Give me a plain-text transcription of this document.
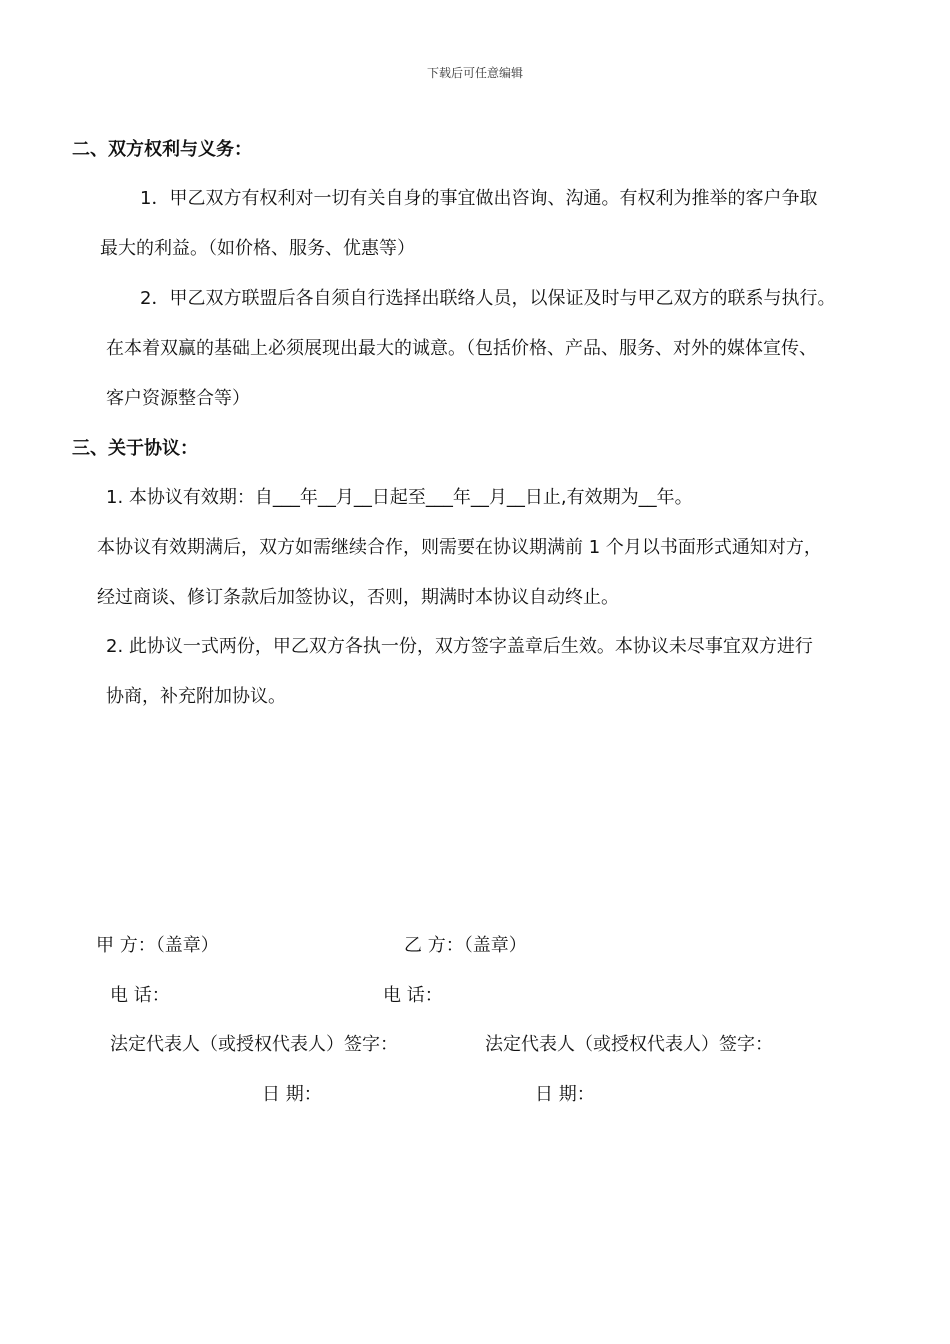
下载后可任意编辑
二、双方权利与义务：
1．甲乙双方有权利对一切有关自身的事宜做出咨询、沟通。有权利为推举的客户争取
最大的利益。（如价格、服务、优惠等）
2．甲乙双方联盟后各自须自行选择出联络人员，以保证及时与甲乙双方的联系与执行。
在本着双赢的基础上必须展现出最大的诚意。（包括价格、产品、服务、对外的媒体宣传、
客户资源整合等）
三、关于协议：
1. 本协议有效期：自___年__月__日起至___年__月__日止,有效期为__年。
本协议有效期满后，双方如需继续合作，则需要在协议期满前 1 个月以书面形式通知对方，
经过商谈、修订条款后加签协议，否则，期满时本协议自动终止。
2. 此协议一式两份，甲乙双方各执一份，双方签字盖章后生效。本协议未尽事宜双方进行
协商，补充附加协议。
甲 方：（盖章）	乙 方：（盖章）
电 话：	电 话：
法定代表人（或授权代表人）签字：	法定代表人（或授权代表人）签字：
日 期：	日 期：
